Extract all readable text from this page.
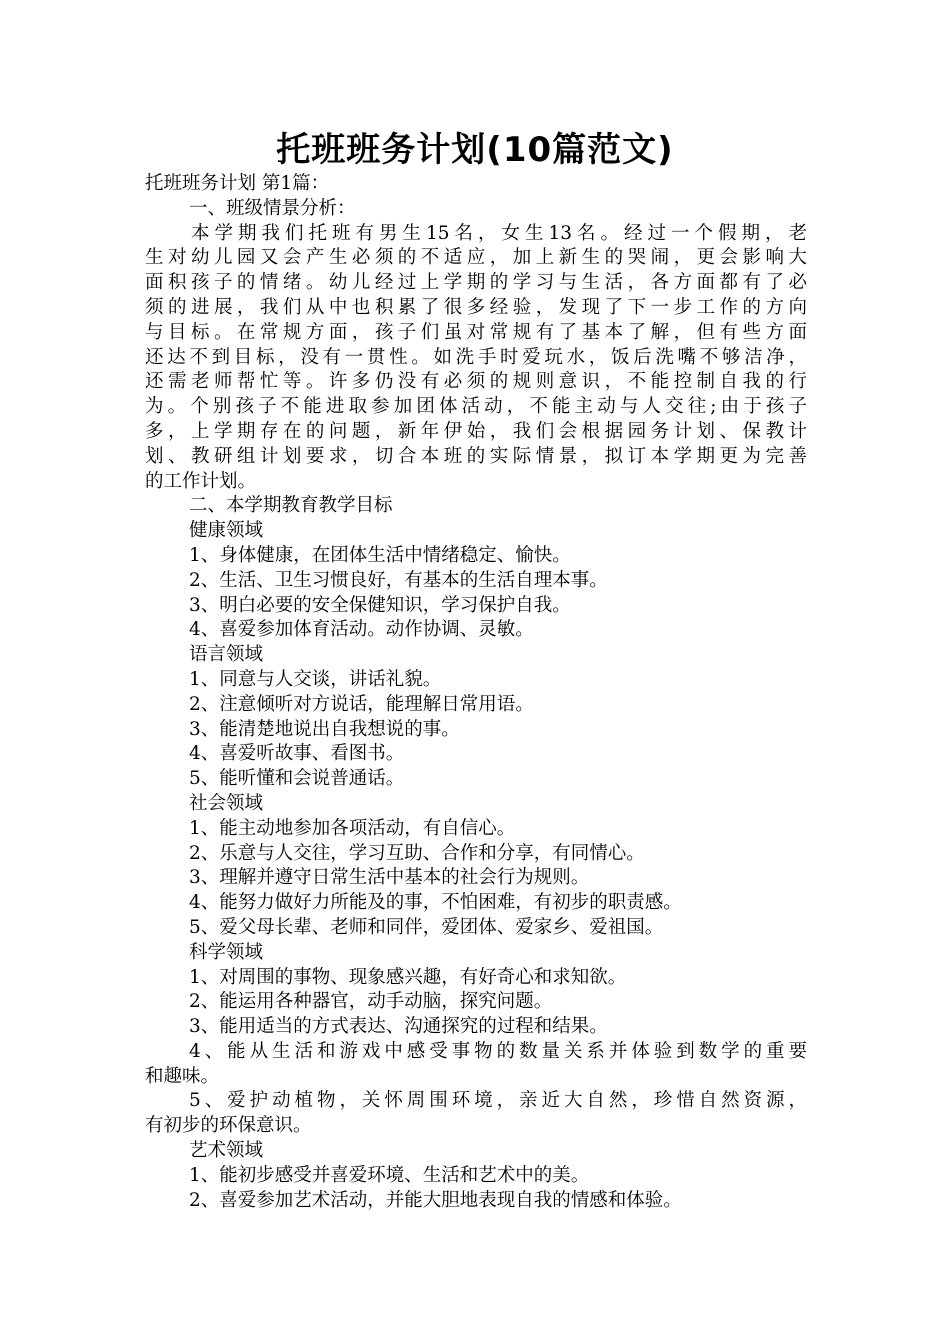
托班班务计划(10篇范文)
托班班务计划 第1篇：
一、班级情景分析：
本学期我们托班有男生15名，女生13名。经过一个假期，老
生对幼儿园又会产生必须的不适应，加上新生的哭闹，更会影响大
面积孩子的情绪。幼儿经过上学期的学习与生活，各方面都有了必
须的进展，我们从中也积累了很多经验，发现了下一步工作的方向
与目标。在常规方面，孩子们虽对常规有了基本了解，但有些方面
还达不到目标，没有一贯性。如洗手时爱玩水，饭后洗嘴不够洁净，
还需老师帮忙等。许多仍没有必须的规则意识，不能控制自我的行
为。个别孩子不能进取参加团体活动，不能主动与人交往;由于孩子
多，上学期存在的问题，新年伊始，我们会根据园务计划、保教计
划、教研组计划要求，切合本班的实际情景，拟订本学期更为完善
的工作计划。
二、本学期教育教学目标
健康领域
1、身体健康，在团体生活中情绪稳定、愉快。
2、生活、卫生习惯良好，有基本的生活自理本事。
3、明白必要的安全保健知识，学习保护自我。
4、喜爱参加体育活动。动作协调、灵敏。
语言领域
1、同意与人交谈，讲话礼貌。
2、注意倾听对方说话，能理解日常用语。
3、能清楚地说出自我想说的事。
4、喜爱听故事、看图书。
5、能听懂和会说普通话。
社会领域
1、能主动地参加各项活动，有自信心。
2、乐意与人交往，学习互助、合作和分享，有同情心。
3、理解并遵守日常生活中基本的社会行为规则。
4、能努力做好力所能及的事，不怕困难，有初步的职责感。
5、爱父母长辈、老师和同伴，爱团体、爱家乡、爱祖国。
科学领域
1、对周围的事物、现象感兴趣，有好奇心和求知欲。
2、能运用各种器官，动手动脑，探究问题。
3、能用适当的方式表达、沟通探究的过程和结果。
4、能从生活和游戏中感受事物的数量关系并体验到数学的重要
和趣味。
5、爱护动植物，关怀周围环境，亲近大自然，珍惜自然资源，
有初步的环保意识。
艺术领域
1、能初步感受并喜爱环境、生活和艺术中的美。
2、喜爱参加艺术活动，并能大胆地表现自我的情感和体验。
